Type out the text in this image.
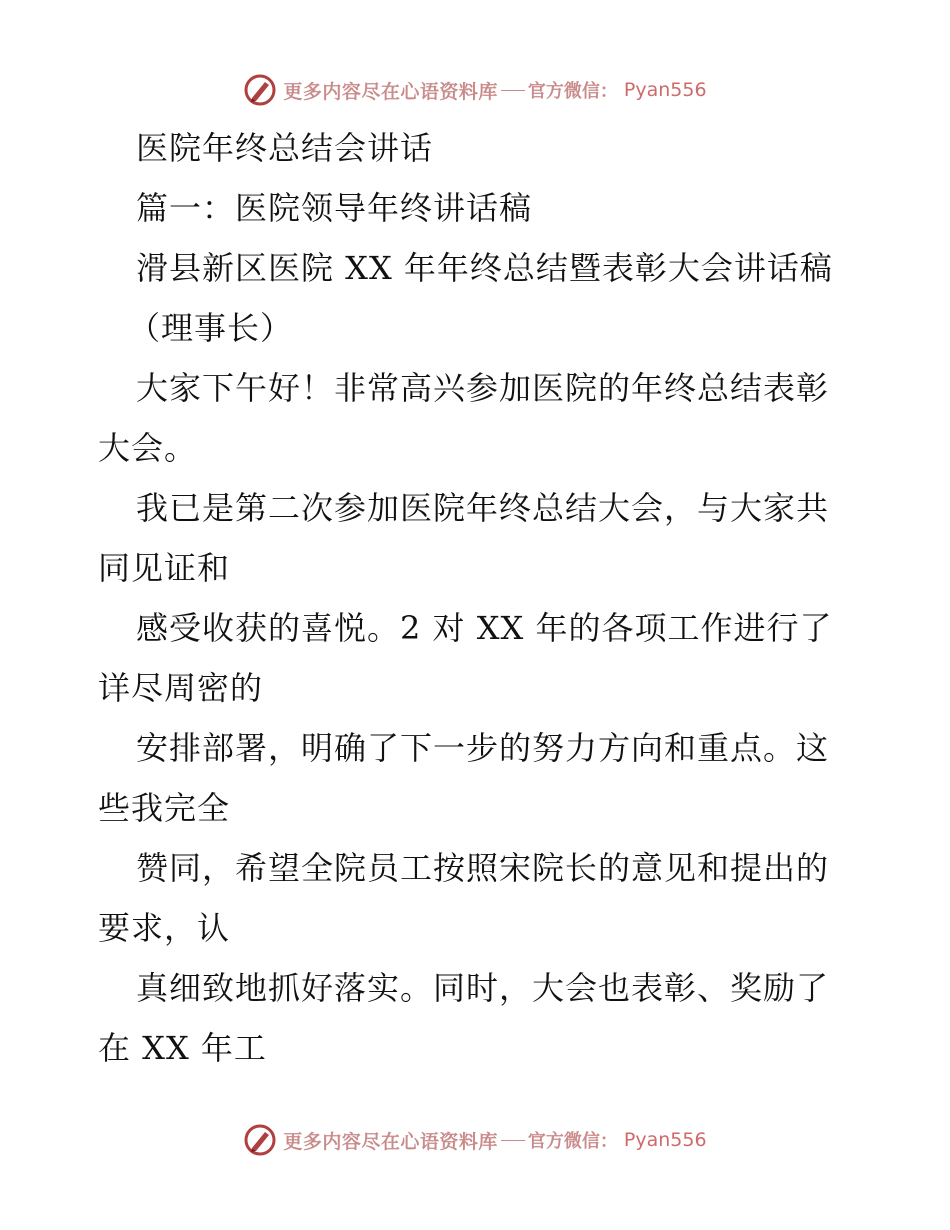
更多内容尽在心语资料库 官方微信： Pyan556
医院年终总结会讲话
篇一：医院领导年终讲话稿
滑县新区医院 XX 年年终总结暨表彰大会讲话稿
（理事长）
大家下午好！非常高兴参加医院的年终总结表彰
大会。
我已是第二次参加医院年终总结大会，与大家共
同见证和
感受收获的喜悦。2 对 XX 年的各项工作进行了
详尽周密的
安排部署，明确了下一步的努力方向和重点。这
些我完全
赞同，希望全院员工按照宋院长的意见和提出的
要求，认
真细致地抓好落实。同时，大会也表彰、奖励了
在 XX 年工
更多内容尽在心语资料库 官方微信： Pyan556
